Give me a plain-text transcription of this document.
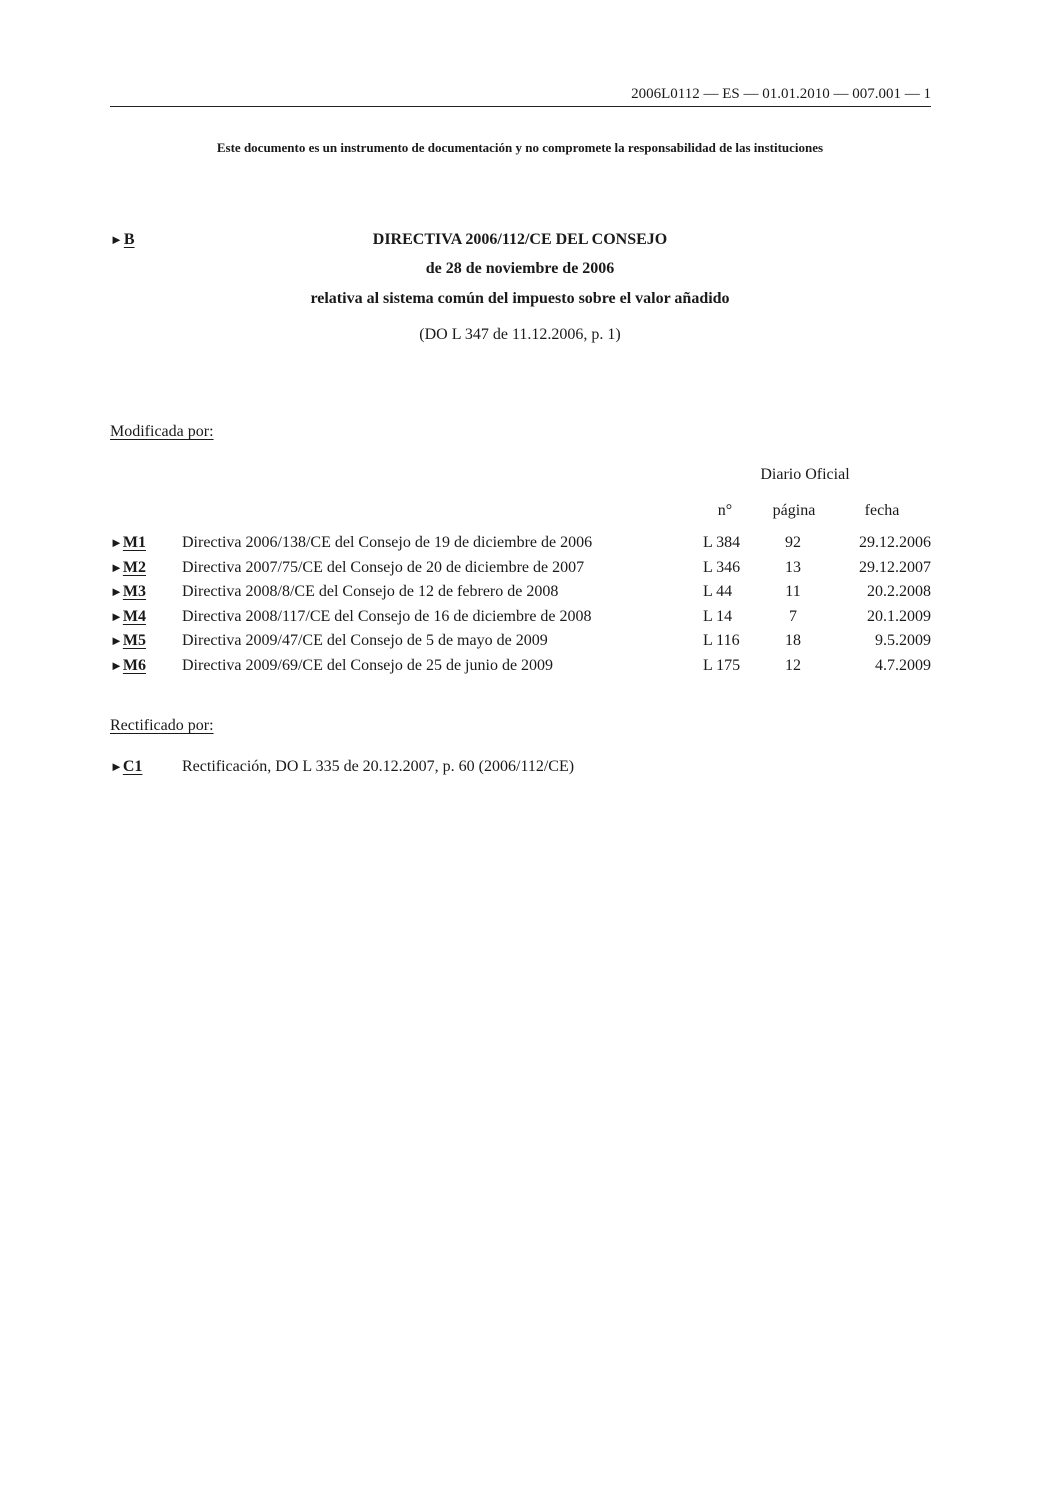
2006L0112 — ES — 01.01.2010 — 007.001 — 1
Este documento es un instrumento de documentación y no compromete la responsabilidad de las instituciones
►B	DIRECTIVA 2006/112/CE DEL CONSEJO
de 28 de noviembre de 2006
relativa al sistema común del impuesto sobre el valor añadido
(DO L 347 de 11.12.2006, p. 1)
Modificada por:
Diario Oficial
n°	página	fecha
►M1 Directiva 2006/138/CE del Consejo de 19 de diciembre de 2006	L 384	92	29.12.2006
►M2 Directiva 2007/75/CE del Consejo de 20 de diciembre de 2007	L 346	13	29.12.2007
►M3 Directiva 2008/8/CE del Consejo de 12 de febrero de 2008	L 44	11	20.2.2008
►M4 Directiva 2008/117/CE del Consejo de 16 de diciembre de 2008	L 14	7	20.1.2009
►M5 Directiva 2009/47/CE del Consejo de 5 de mayo de 2009	L 116	18	9.5.2009
►M6 Directiva 2009/69/CE del Consejo de 25 de junio de 2009	L 175	12	4.7.2009
Rectificado por:
►C1 Rectificación, DO L 335 de 20.12.2007, p. 60 (2006/112/CE)
